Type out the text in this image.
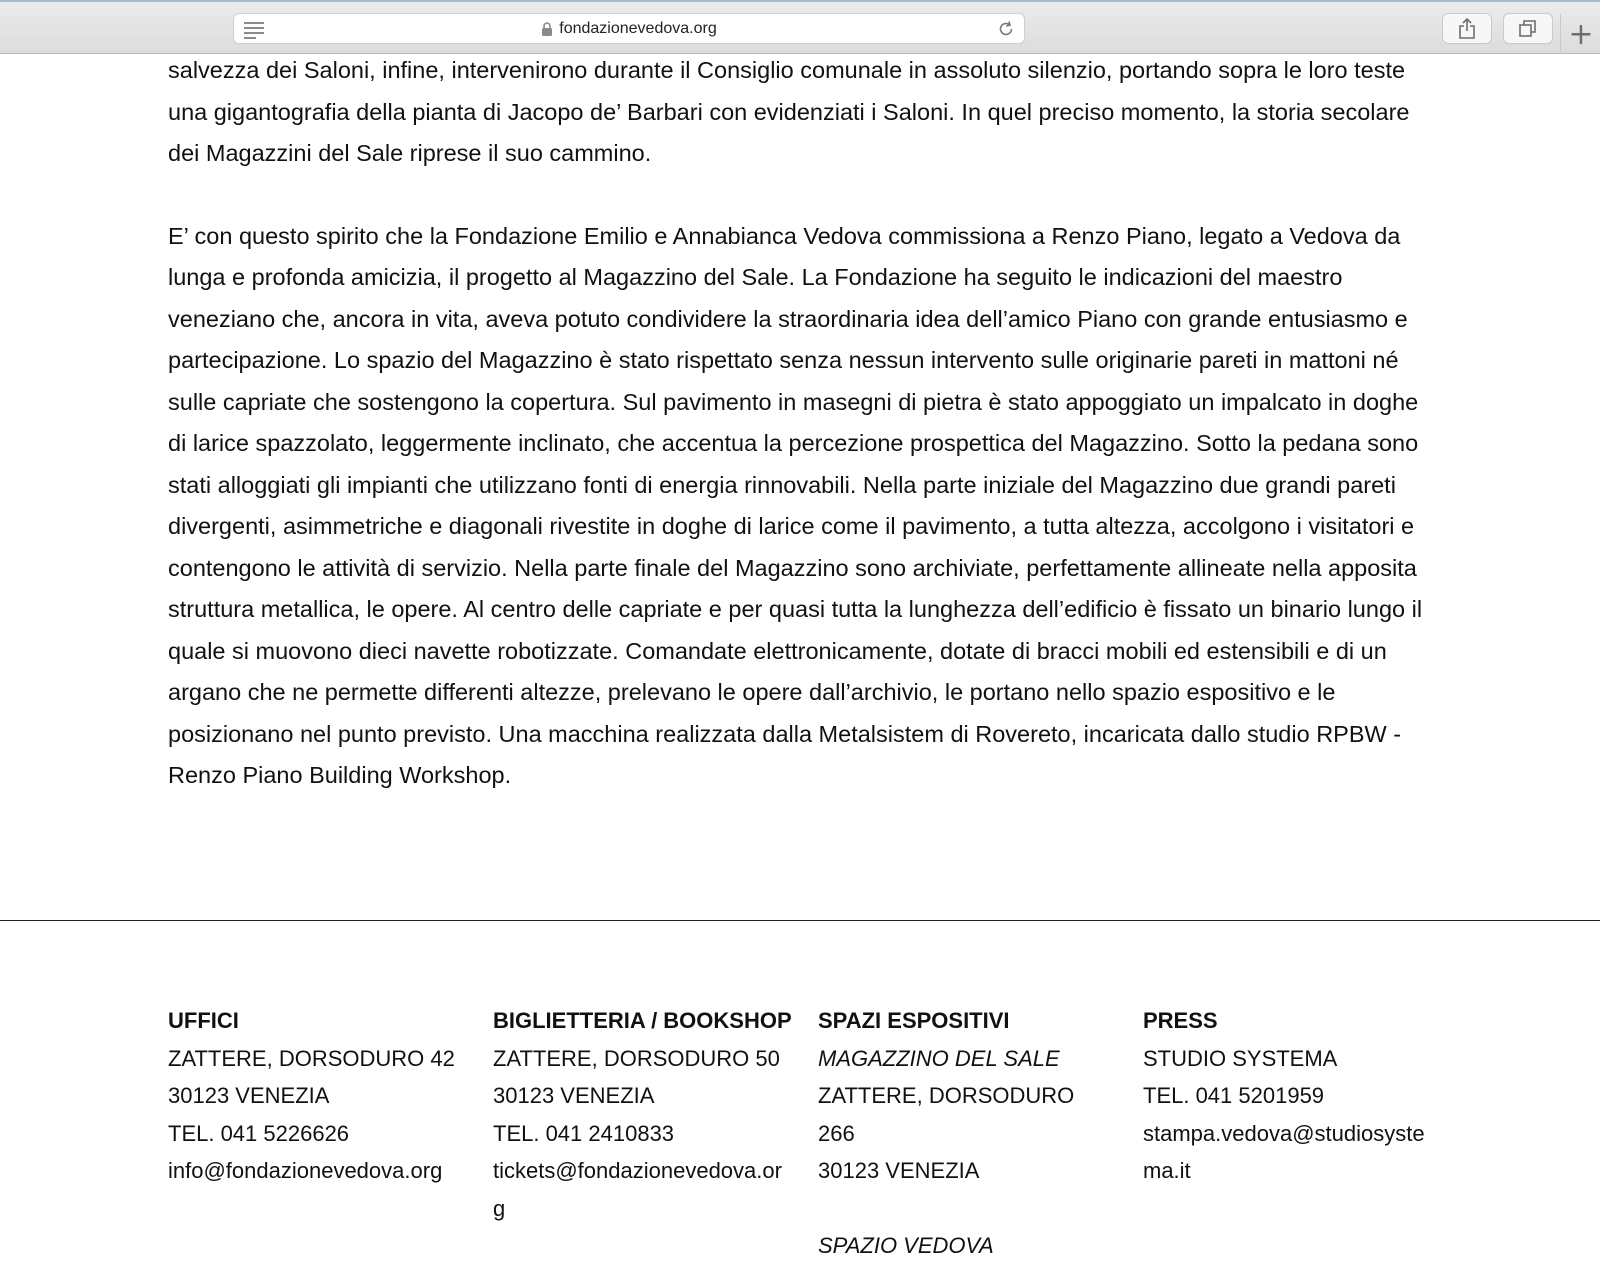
fondazionevedova.org	+

salvezza dei Saloni, infine, intervenirono durante il Consiglio comunale in assoluto silenzio, portando sopra le loro teste una gigantografia della pianta di Jacopo de’ Barbari con evidenziati i Saloni. In quel preciso momento, la storia secolare dei Magazzini del Sale riprese il suo cammino.

E’ con questo spirito che la Fondazione Emilio e Annabianca Vedova commissiona a Renzo Piano, legato a Vedova da lunga e profonda amicizia, il progetto al Magazzino del Sale. La Fondazione ha seguito le indicazioni del maestro veneziano che, ancora in vita, aveva potuto condividere la straordinaria idea dell’amico Piano con grande entusiasmo e partecipazione. Lo spazio del Magazzino è stato rispettato senza nessun intervento sulle originarie pareti in mattoni né sulle capriate che sostengono la copertura. Sul pavimento in masegni di pietra è stato appoggiato un impalcato in doghe di larice spazzolato, leggermente inclinato, che accentua la percezione prospettica del Magazzino. Sotto la pedana sono stati alloggiati gli impianti che utilizzano fonti di energia rinnovabili. Nella parte iniziale del Magazzino due grandi pareti divergenti, asimmetriche e diagonali rivestite in doghe di larice come il pavimento, a tutta altezza, accolgono i visitatori e contengono le attività di servizio. Nella parte finale del Magazzino sono archiviate, perfettamente allineate nella apposita struttura metallica, le opere. Al centro delle capriate e per quasi tutta la lunghezza dell’edificio è fissato un binario lungo il quale si muovono dieci navette robotizzate. Comandate elettronicamente, dotate di bracci mobili ed estensibili e di un argano che ne permette differenti altezze, prelevano le opere dall’archivio, le portano nello spazio espositivo e le posizionano nel punto previsto. Una macchina realizzata dalla Metalsistem di Rovereto, incaricata dallo studio RPBW - Renzo Piano Building Workshop.

UFFICI
ZATTERE, DORSODURO 42
30123 VENEZIA
TEL. 041 5226626
info@fondazionevedova.org
BIGLIETTERIA / BOOKSHOP
ZATTERE, DORSODURO 50
30123 VENEZIA
TEL. 041 2410833
tickets@fondazionevedova.org
SPAZI ESPOSITIVI
MAGAZZINO DEL SALE
ZATTERE, DORSODURO 266
30123 VENEZIA
SPAZIO VEDOVA
PRESS
STUDIO SYSTEMA
TEL. 041 5201959
stampa.vedova@studiosystema.it
